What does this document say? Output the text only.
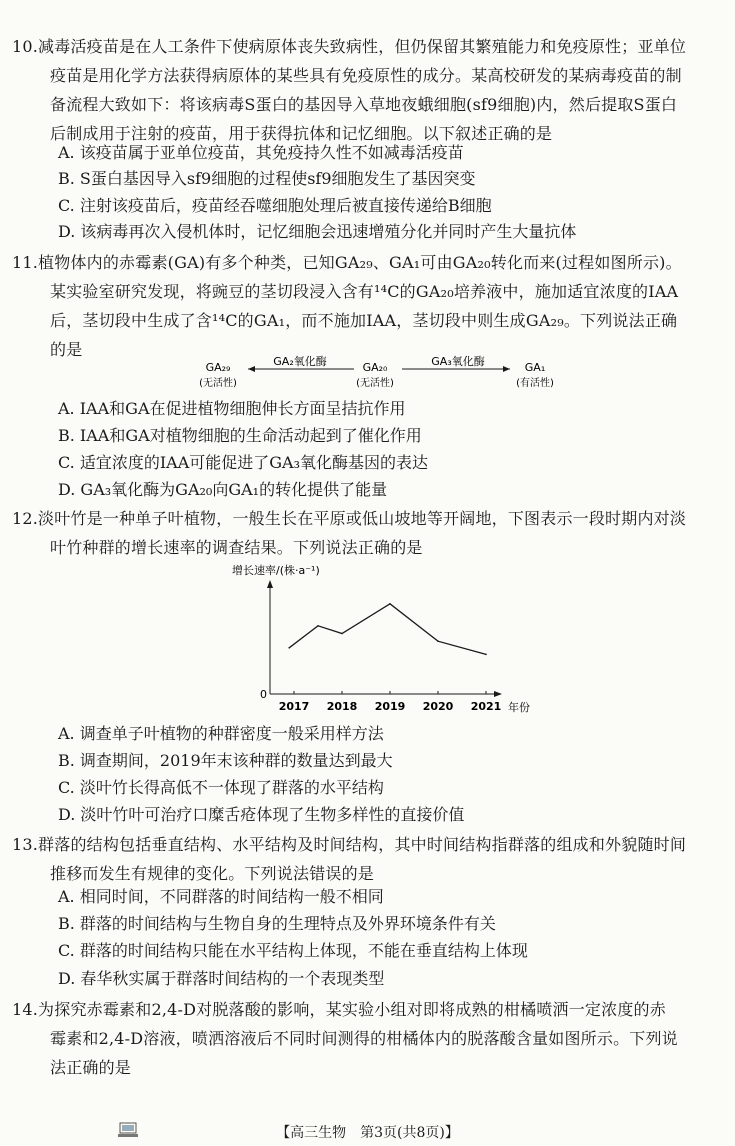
10.减毒活疫苗是在人工条件下使病原体丧失致病性，但仍保留其繁殖能力和免疫原性；亚单位
疫苗是用化学方法获得病原体的某些具有免疫原性的成分。某高校研发的某病毒疫苗的制
备流程大致如下：将该病毒S蛋白的基因导入草地夜蛾细胞(sf9细胞)内，然后提取S蛋白
后制成用于注射的疫苗，用于获得抗体和记忆细胞。以下叙述正确的是
A. 该疫苗属于亚单位疫苗，其免疫持久性不如减毒活疫苗
B. S蛋白基因导入sf9细胞的过程使sf9细胞发生了基因突变
C. 注射该疫苗后，疫苗经吞噬细胞处理后被直接传递给B细胞
D. 该病毒再次入侵机体时，记忆细胞会迅速增殖分化并同时产生大量抗体
11.植物体内的赤霉素(GA)有多个种类，已知GA₂₉、GA₁可由GA₂₀转化而来(过程如图所示)。
某实验室研究发现，将豌豆的茎切段浸入含有¹⁴C的GA₂₀培养液中，施加适宜浓度的IAA
后，茎切段中生成了含¹⁴C的GA₁，而不施加IAA，茎切段中则生成GA₂₉。下列说法正确
的是
GA₂₉
(无活性)
GA₂氧化酶	GA₂₀
(无活性)
GA₃氧化酶	GA₁
(有活性)
A. IAA和GA在促进植物细胞伸长方面呈拮抗作用
B. IAA和GA对植物细胞的生命活动起到了催化作用
C. 适宜浓度的IAA可能促进了GA₃氧化酶基因的表达
D. GA₃氧化酶为GA₂₀向GA₁的转化提供了能量
12.淡叶竹是一种单子叶植物，一般生长在平原或低山坡地等开阔地，下图表示一段时期内对淡
叶竹种群的增长速率的调查结果。下列说法正确的是
增长速率/(株·a⁻¹)
0
年份
2017 2018 2019 2020 2021
A. 调查单子叶植物的种群密度一般采用样方法
B. 调查期间，2019年末该种群的数量达到最大
C. 淡叶竹长得高低不一体现了群落的水平结构
D. 淡叶竹叶可治疗口糜舌疮体现了生物多样性的直接价值
13.群落的结构包括垂直结构、水平结构及时间结构，其中时间结构指群落的组成和外貌随时间
推移而发生有规律的变化。下列说法错误的是
A. 相同时间，不同群落的时间结构一般不相同
B. 群落的时间结构与生物自身的生理特点及外界环境条件有关
C. 群落的时间结构只能在水平结构上体现，不能在垂直结构上体现
D. 春华秋实属于群落时间结构的一个表现类型
14.为探究赤霉素和2,4-D对脱落酸的影响，某实验小组对即将成熟的柑橘喷洒一定浓度的赤
霉素和2,4-D溶液，喷洒溶液后不同时间测得的柑橘体内的脱落酸含量如图所示。下列说
法正确的是
【高三生物　第3页(共8页)】
